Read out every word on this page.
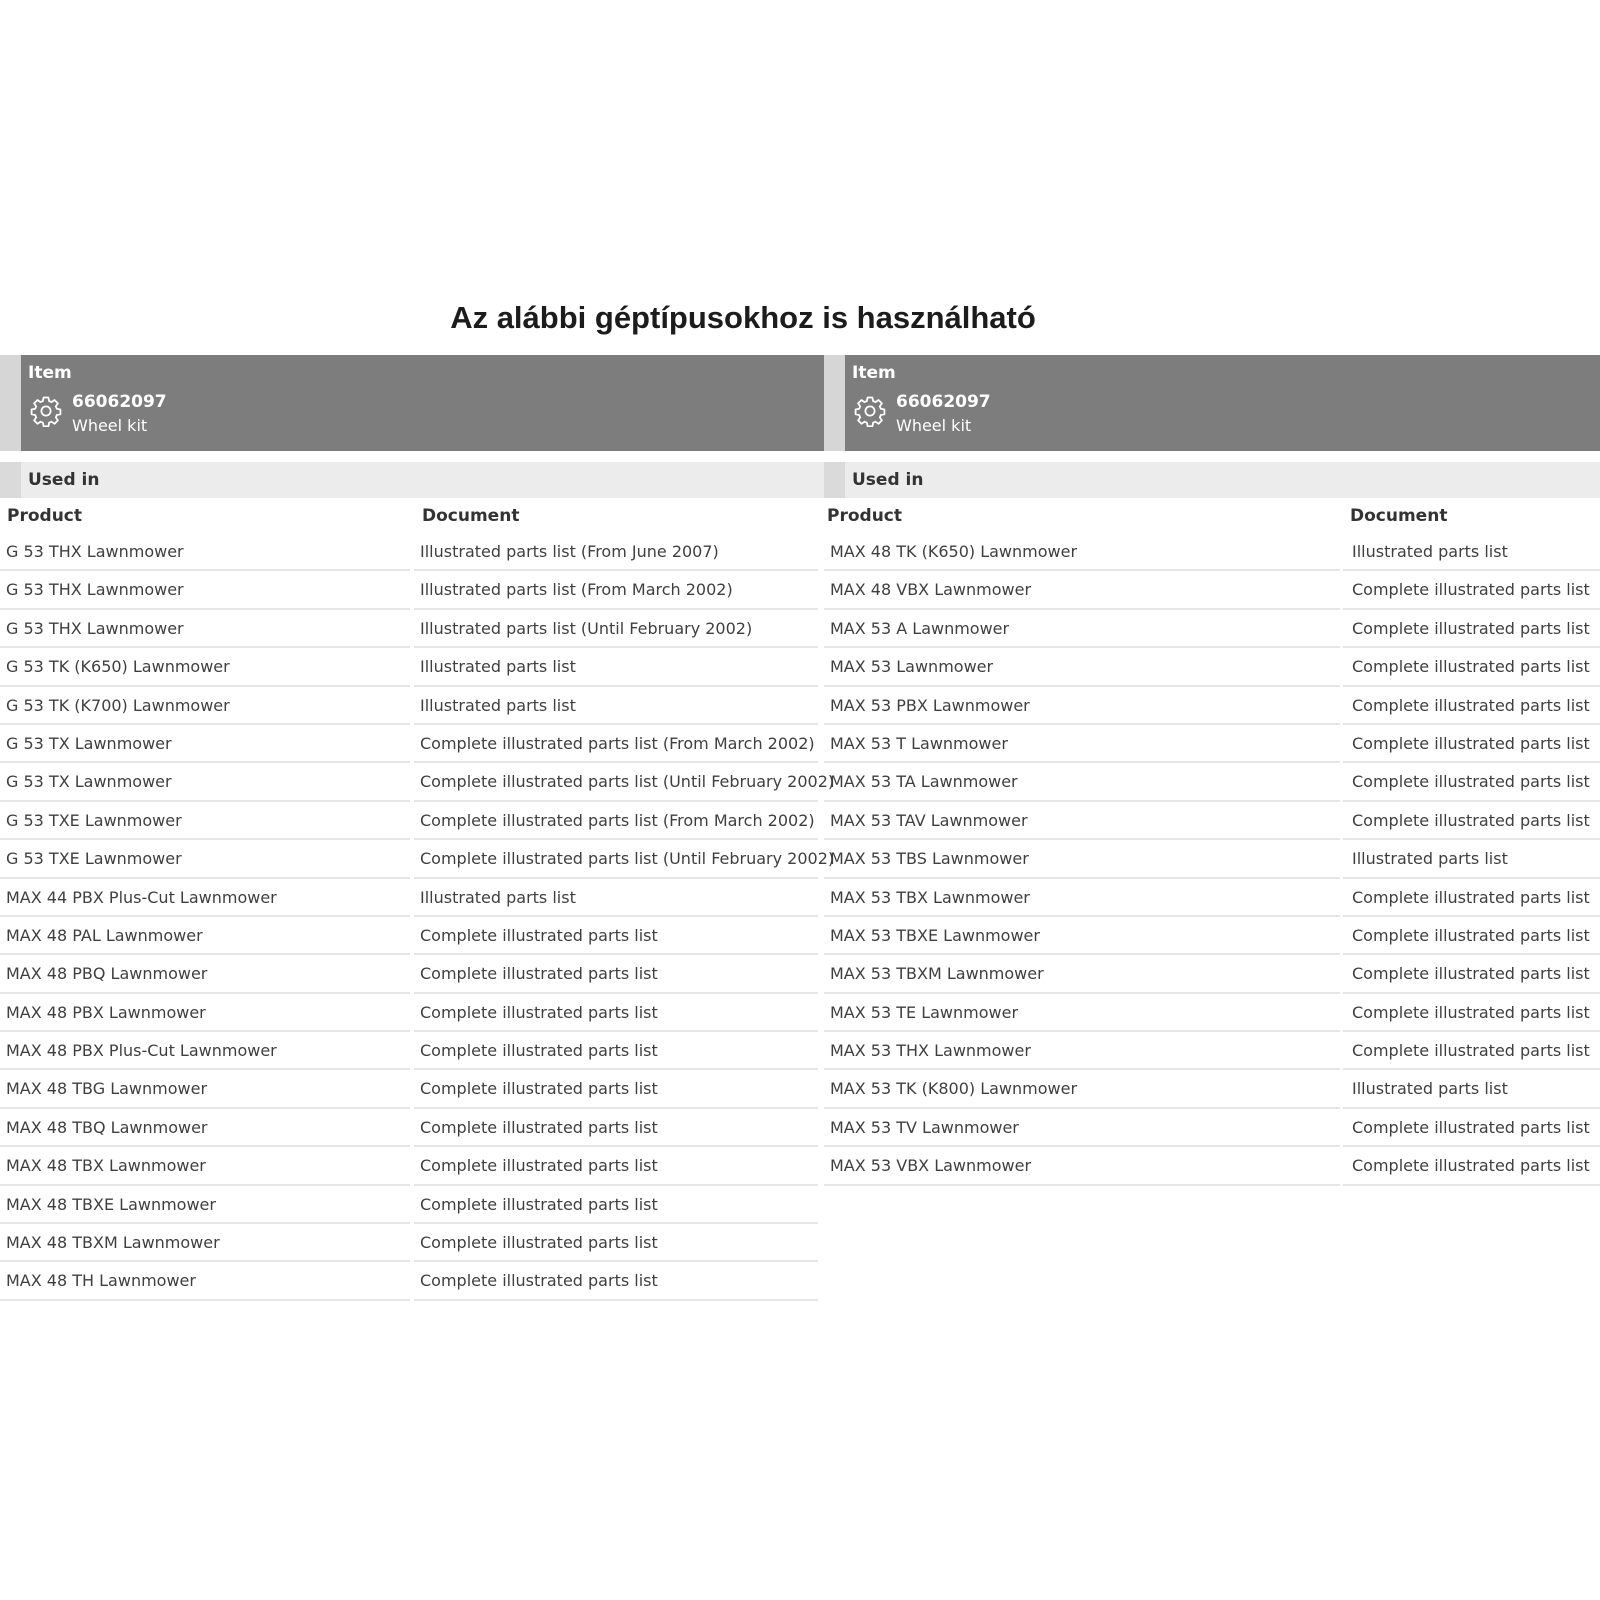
Az alábbi géptípusokhoz is használható
Item
66062097
Wheel kit
Used in
Product	Document
G 53 THX Lawnmower	Illustrated parts list (From June 2007)
G 53 THX Lawnmower	Illustrated parts list (From March 2002)
G 53 THX Lawnmower	Illustrated parts list (Until February 2002)
G 53 TK (K650) Lawnmower	Illustrated parts list
G 53 TK (K700) Lawnmower	Illustrated parts list
G 53 TX Lawnmower	Complete illustrated parts list (From March 2002)
G 53 TX Lawnmower	Complete illustrated parts list (Until February 2002)
G 53 TXE Lawnmower	Complete illustrated parts list (From March 2002)
G 53 TXE Lawnmower	Complete illustrated parts list (Until February 2002)
MAX 44 PBX Plus-Cut Lawnmower	Illustrated parts list
MAX 48 PAL Lawnmower	Complete illustrated parts list
MAX 48 PBQ Lawnmower	Complete illustrated parts list
MAX 48 PBX Lawnmower	Complete illustrated parts list
MAX 48 PBX Plus-Cut Lawnmower	Complete illustrated parts list
MAX 48 TBG Lawnmower	Complete illustrated parts list
MAX 48 TBQ Lawnmower	Complete illustrated parts list
MAX 48 TBX Lawnmower	Complete illustrated parts list
MAX 48 TBXE Lawnmower	Complete illustrated parts list
MAX 48 TBXM Lawnmower	Complete illustrated parts list
MAX 48 TH Lawnmower	Complete illustrated parts list
Item
66062097
Wheel kit
Used in
Product	Document
MAX 48 TK (K650) Lawnmower	Illustrated parts list
MAX 48 VBX Lawnmower	Complete illustrated parts list
MAX 53 A Lawnmower	Complete illustrated parts list
MAX 53 Lawnmower	Complete illustrated parts list
MAX 53 PBX Lawnmower	Complete illustrated parts list
MAX 53 T Lawnmower	Complete illustrated parts list
MAX 53 TA Lawnmower	Complete illustrated parts list
MAX 53 TAV Lawnmower	Complete illustrated parts list
MAX 53 TBS Lawnmower	Illustrated parts list
MAX 53 TBX Lawnmower	Complete illustrated parts list
MAX 53 TBXE Lawnmower	Complete illustrated parts list
MAX 53 TBXM Lawnmower	Complete illustrated parts list
MAX 53 TE Lawnmower	Complete illustrated parts list
MAX 53 THX Lawnmower	Complete illustrated parts list
MAX 53 TK (K800) Lawnmower	Illustrated parts list
MAX 53 TV Lawnmower	Complete illustrated parts list
MAX 53 VBX Lawnmower	Complete illustrated parts list
